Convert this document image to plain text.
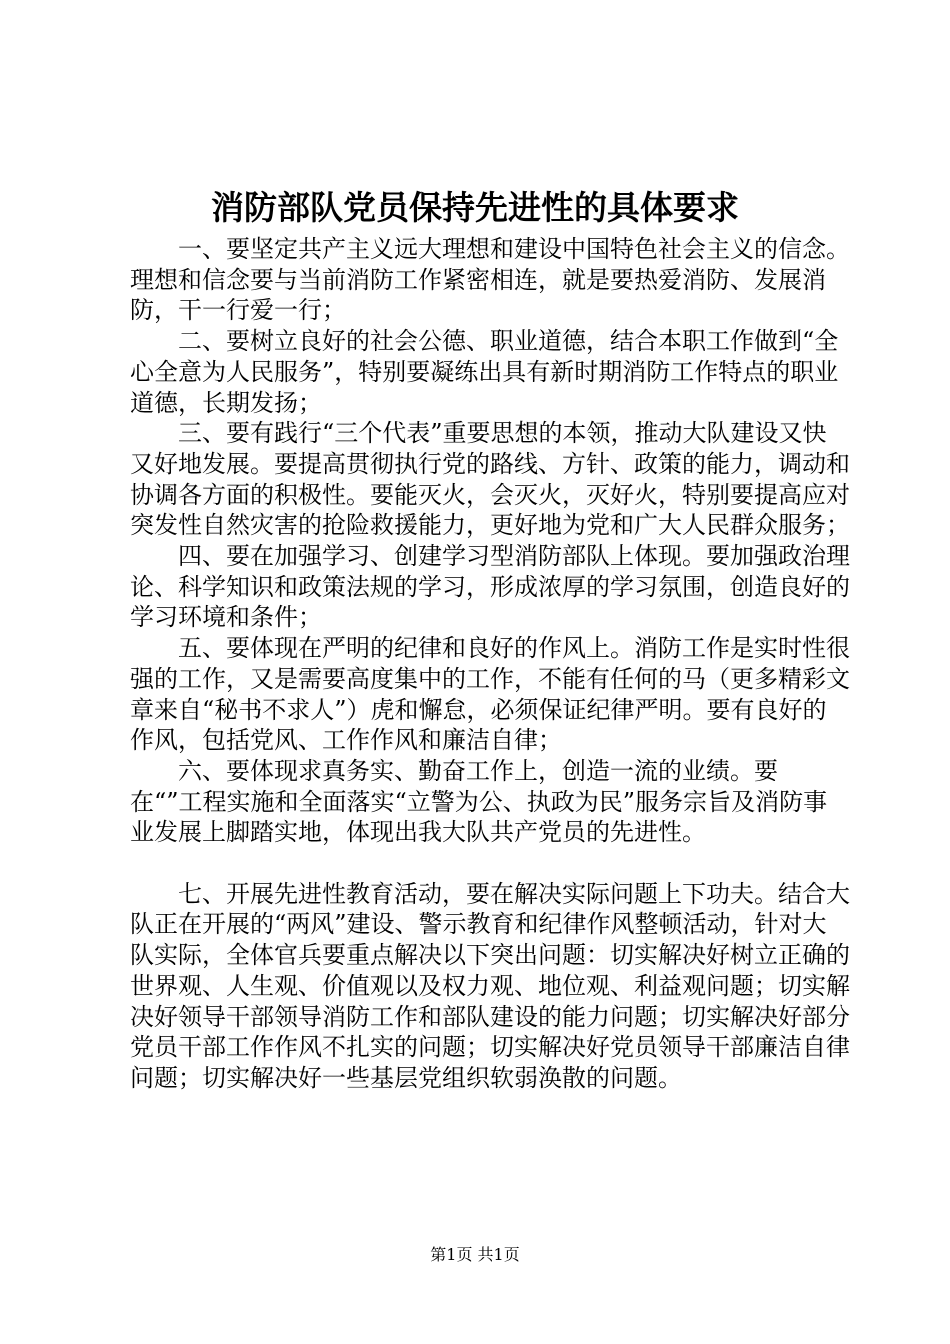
消防部队党员保持先进性的具体要求

一、要坚定共产主义远大理想和建设中国特色社会主义的信念。理想和信念要与当前消防工作紧密相连，就是要热爱消防、发展消防，干一行爱一行；

二、要树立良好的社会公德、职业道德，结合本职工作做到“全心全意为人民服务”，特别要凝练出具有新时期消防工作特点的职业道德，长期发扬；

三、要有践行“三个代表”重要思想的本领，推动大队建设又快又好地发展。要提高贯彻执行党的路线、方针、政策的能力，调动和协调各方面的积极性。要能灭火，会灭火，灭好火，特别要提高应对突发性自然灾害的抢险救援能力，更好地为党和广大人民群众服务；

四、要在加强学习、创建学习型消防部队上体现。要加强政治理论、科学知识和政策法规的学习，形成浓厚的学习氛围，创造良好的学习环境和条件；

五、要体现在严明的纪律和良好的作风上。消防工作是实时性很强的工作，又是需要高度集中的工作，不能有任何的马（更多精彩文章来自“秘书不求人”）虎和懈怠，必须保证纪律严明。要有良好的作风，包括党风、工作作风和廉洁自律；

六、要体现求真务实、勤奋工作上，创造一流的业绩。要在“”工程实施和全面落实“立警为公、执政为民”服务宗旨及消防事业发展上脚踏实地，体现出我大队共产党员的先进性。

七、开展先进性教育活动，要在解决实际问题上下功夫。结合大队正在开展的“两风”建设、警示教育和纪律作风整顿活动，针对大队实际，全体官兵要重点解决以下突出问题：切实解决好树立正确的世界观、人生观、价值观以及权力观、地位观、利益观问题；切实解决好领导干部领导消防工作和部队建设的能力问题；切实解决好部分党员干部工作作风不扎实的问题；切实解决好党员领导干部廉洁自律问题；切实解决好一些基层党组织软弱涣散的问题。

第1页 共1页
